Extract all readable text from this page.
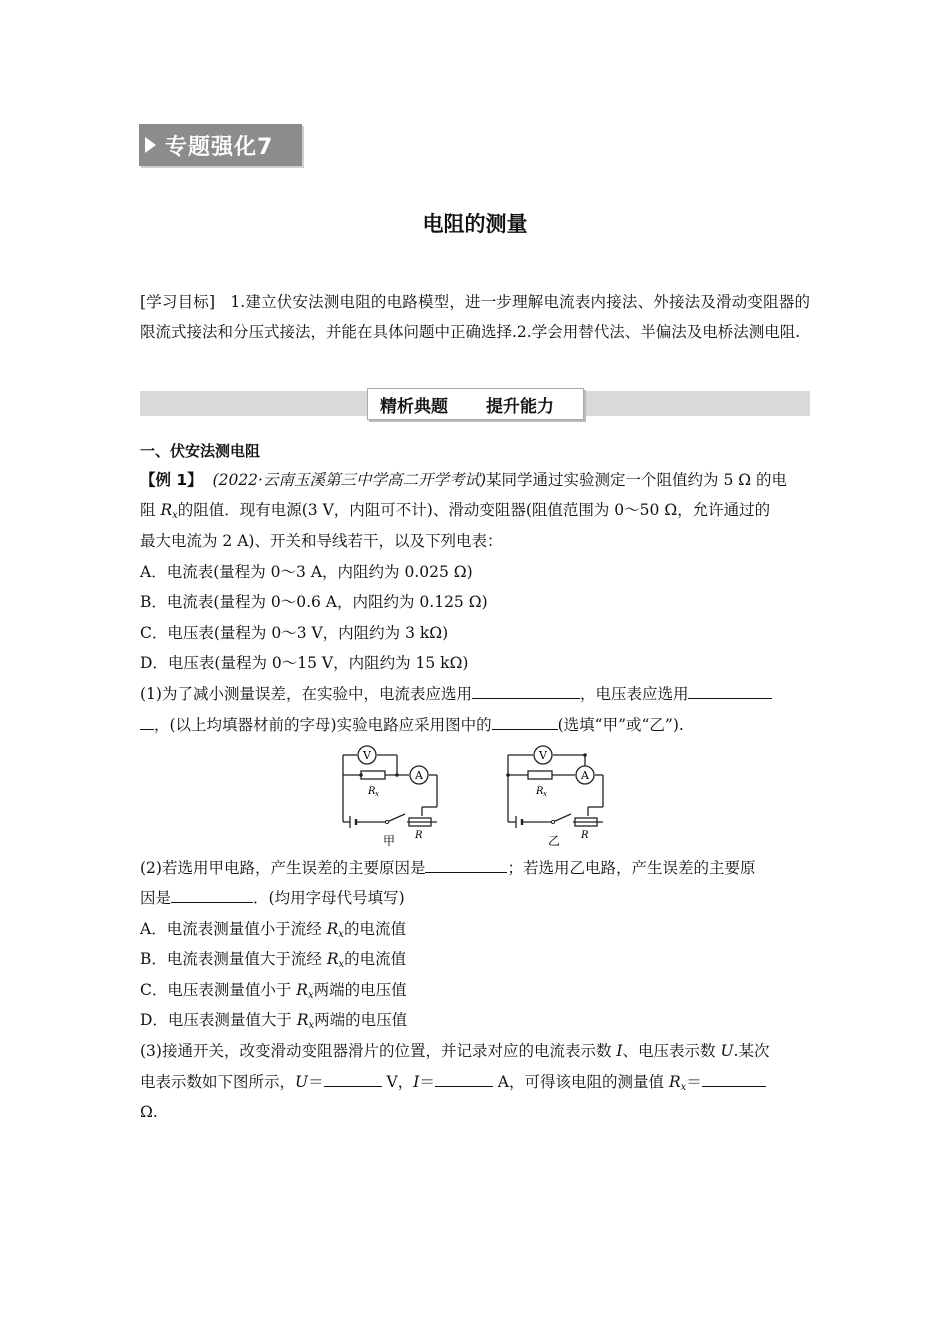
专题强化7
电阻的测量
[学习目标] 1.建立伏安法测电阻的电路模型，进一步理解电流表内接法、外接法及滑动变阻器的限流式接法和分压式接法，并能在具体问题中正确选择.2.学会用替代法、半偏法及电桥法测电阻.
精析典题 提升能力
一、伏安法测电阻
【例 1】 (2022·云南玉溪第三中学高二开学考试)某同学通过实验测定一个阻值约为 5 Ω 的电
阻 $R_x$的阻值．现有电源(3 V，内阻可不计)、滑动变阻器(阻值范围为 0～50 Ω，允许通过的
最大电流为 2 A)、开关和导线若干，以及下列电表：
A．电流表(量程为 0～3 A，内阻约为 0.025 Ω)
B．电流表(量程为 0～0.6 A，内阻约为 0.125 Ω)
C．电压表(量程为 0～3 V，内阻约为 3 kΩ)
D．电压表(量程为 0～15 V，内阻约为 15 kΩ)
(1)为了减小测量误差，在实验中，电流表应选用	，电压表应选用
，(以上均填器材前的字母)实验电路应采用图中的	(选填“甲”或“乙”).
V
A
R x
R
甲
V
A
R x
R
乙
(2)若选用甲电路，产生误差的主要原因是	；若选用乙电路，产生误差的主要原
因是	．(均用字母代号填写)
A．电流表测量值小于流经 $R_x$的电流值
B．电流表测量值大于流经 $R_x$的电流值
C．电压表测量值小于 $R_x$两端的电压值
D．电压表测量值大于 $R_x$两端的电压值
(3)接通开关，改变滑动变阻器滑片的位置，并记录对应的电流表示数 I、电压表示数 U.某次
电表示数如下图所示，U＝	V，I＝	A，可得该电阻的测量值 $R_x=$
Ω.
